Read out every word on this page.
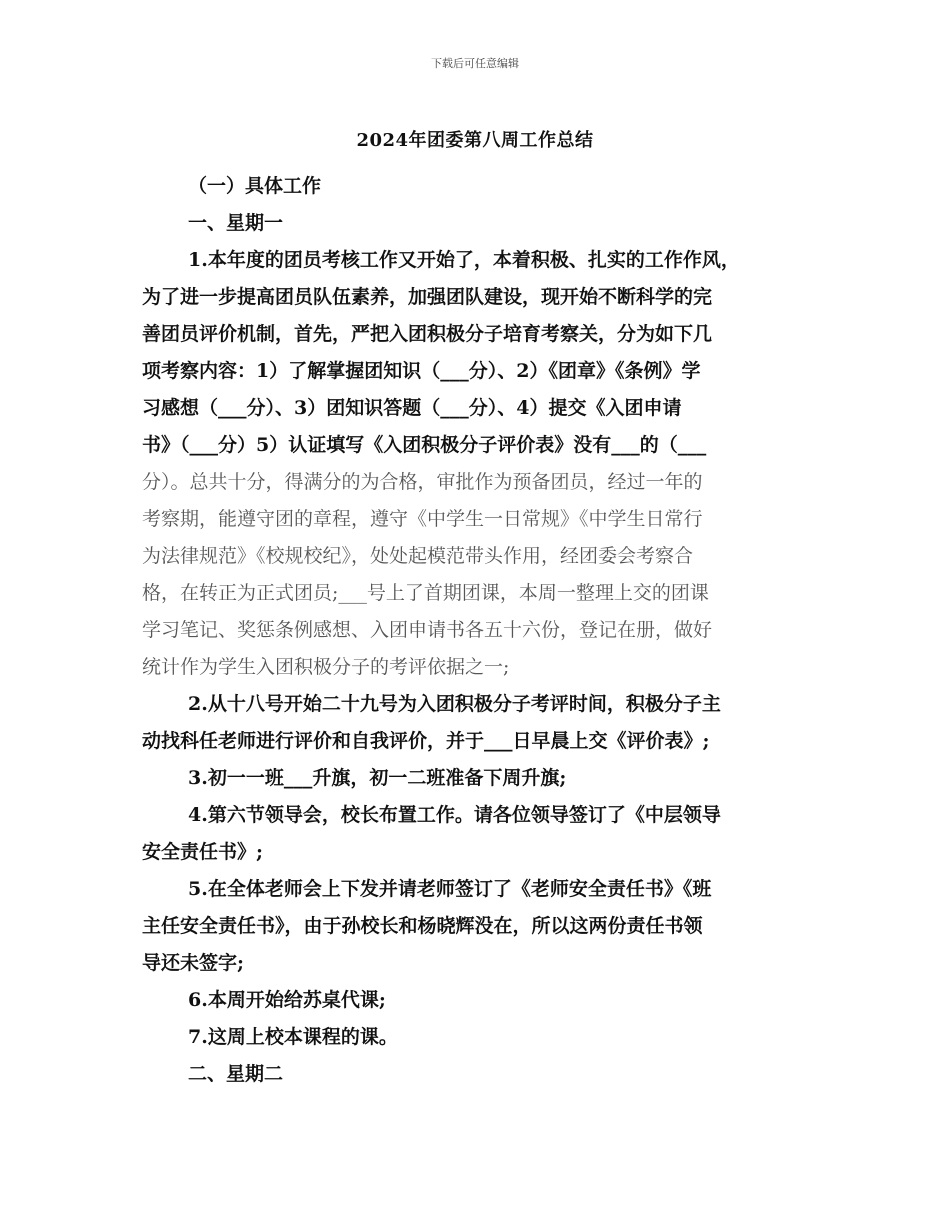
下载后可任意编辑
2024年团委第八周工作总结
（一）具体工作
一、星期一
1.本年度的团员考核工作又开始了，本着积极、扎实的工作作风，
为了进一步提高团员队伍素养，加强团队建设，现开始不断科学的完
善团员评价机制，首先，严把入团积极分子培育考察关，分为如下几
项考察内容：1）了解掌握团知识（___分）、2）《团章》《条例》学
习感想（___分）、3）团知识答题（___分）、4）提交《入团申请
书》（___分）5）认证填写《入团积极分子评价表》没有___的（___
分）。总共十分，得满分的为合格，审批作为预备团员，经过一年的
考察期，能遵守团的章程，遵守《中学生一日常规》《中学生日常行
为法律规范》《校规校纪》，处处起模范带头作用，经团委会考察合
格，在转正为正式团员;___号上了首期团课，本周一整理上交的团课
学习笔记、奖惩条例感想、入团申请书各五十六份，登记在册，做好
统计作为学生入团积极分子的考评依据之一;
2.从十八号开始二十九号为入团积极分子考评时间，积极分子主
动找科任老师进行评价和自我评价，并于___日早晨上交《评价表》;
3.初一一班___升旗，初一二班准备下周升旗;
4.第六节领导会，校长布置工作。请各位领导签订了《中层领导
安全责任书》;
5.在全体老师会上下发并请老师签订了《老师安全责任书》《班
主任安全责任书》，由于孙校长和杨晓辉没在，所以这两份责任书领
导还未签字;
6.本周开始给苏桌代课;
7.这周上校本课程的课。
二、星期二
